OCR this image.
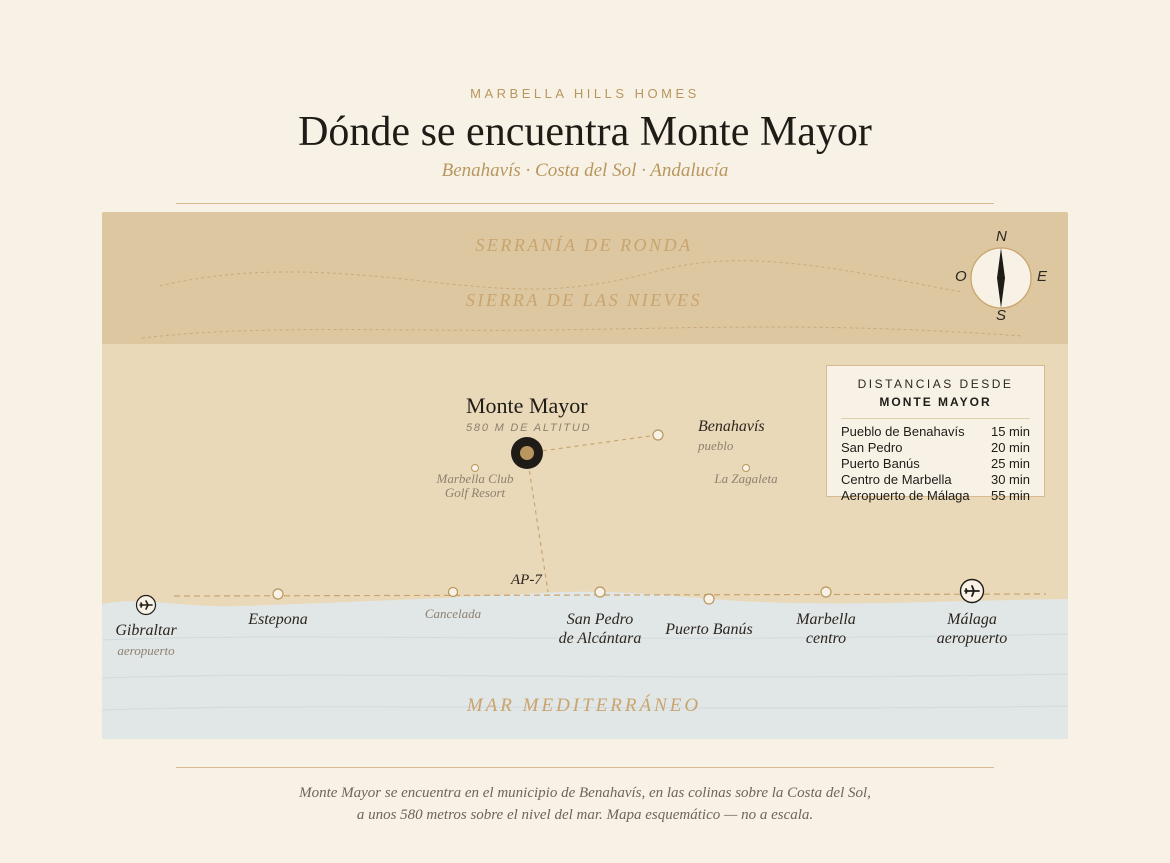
MARBELLA HILLS HOMES
Dónde se encuentra Monte Mayor
Benahavís · Costa del Sol · Andalucía
SERRANÍA DE RONDA
SIERRA DE LAS NIEVES
MAR MEDITERRÁNEO
N
S
E
O
Monte Mayor
580 M DE ALTITUD	Benahavís
pueblo
Marbella Club
Golf Resort
La Zagaleta
AP-7
Gibraltar
aeropuerto
Estepona	Cancelada	San Pedro
de Alcántara
Puerto Banús
Marbella
centro
Málaga
aeropuerto
DISTANCIAS DESDE
MONTE MAYOR
Pueblo de Benahavís 15 min
San Pedro	20 min
Puerto Banús	25 min
Centro de Marbella	30 min
Aeropuerto de Málaga 55 min
Monte Mayor se encuentra en el municipio de Benahavís, en las colinas sobre la Costa del Sol,
a unos 580 metros sobre el nivel del mar. Mapa esquemático — no a escala.
